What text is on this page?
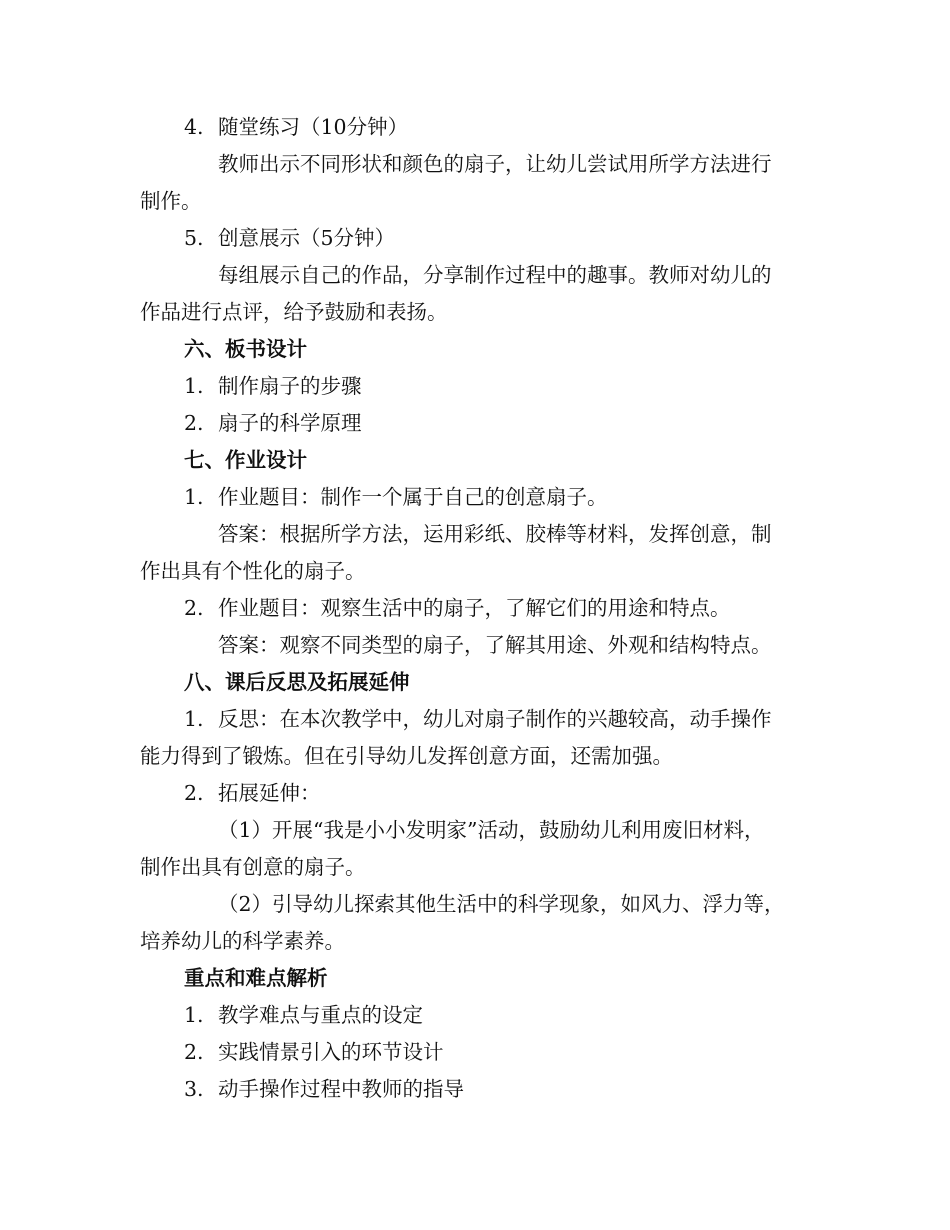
4. 随堂练习（10分钟）
教师出示不同形状和颜色的扇子，让幼儿尝试用所学方法进行
制作。
5. 创意展示（5分钟）
每组展示自己的作品，分享制作过程中的趣事。教师对幼儿的
作品进行点评，给予鼓励和表扬。
六、板书设计
1. 制作扇子的步骤
2. 扇子的科学原理
七、作业设计
1. 作业题目：制作一个属于自己的创意扇子。
答案：根据所学方法，运用彩纸、胶棒等材料，发挥创意，制
作出具有个性化的扇子。
2. 作业题目：观察生活中的扇子，了解它们的用途和特点。
答案：观察不同类型的扇子，了解其用途、外观和结构特点。
八、课后反思及拓展延伸
1. 反思：在本次教学中，幼儿对扇子制作的兴趣较高，动手操作
能力得到了锻炼。但在引导幼儿发挥创意方面，还需加强。
2. 拓展延伸：
（1）开展“我是小小发明家”活动，鼓励幼儿利用废旧材料，
制作出具有创意的扇子。
（2）引导幼儿探索其他生活中的科学现象，如风力、浮力等，
培养幼儿的科学素养。
重点和难点解析
1. 教学难点与重点的设定
2. 实践情景引入的环节设计
3. 动手操作过程中教师的指导
